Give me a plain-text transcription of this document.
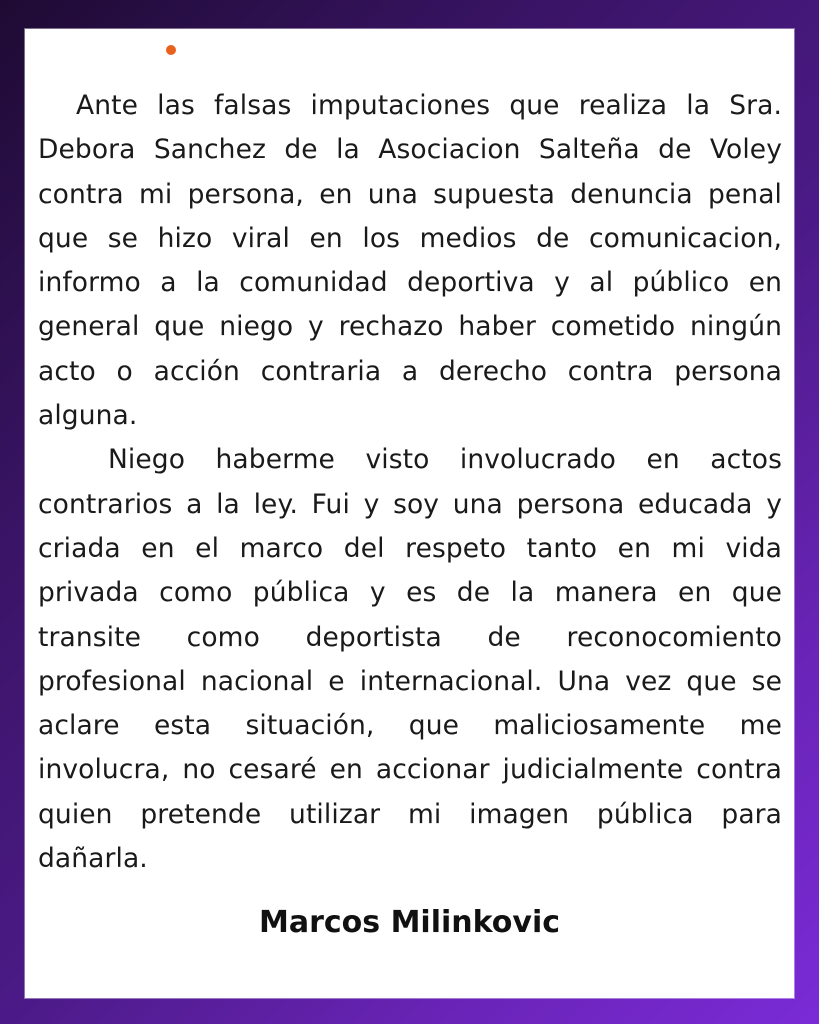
Ante las falsas imputaciones que realiza la Sra. Debora Sanchez de la Asociacion Salteña de Voley contra mi persona, en una supuesta denuncia penal que se hizo viral en los medios de comunicacion, informo a la comunidad deportiva y al público en general que niego y rechazo haber cometido ningún acto o acción contraria a derecho contra persona alguna.

Niego haberme visto involucrado en actos contrarios a la ley. Fui y soy una persona educada y criada en el marco del respeto tanto en mi vida privada como pública y es de la manera en que transite como deportista de reconocomiento profesional nacional e internacional. Una vez que se aclare esta situación, que maliciosamente me involucra, no cesaré en accionar judicialmente contra quien pretende utilizar mi imagen pública para dañarla.

Marcos Milinkovic
